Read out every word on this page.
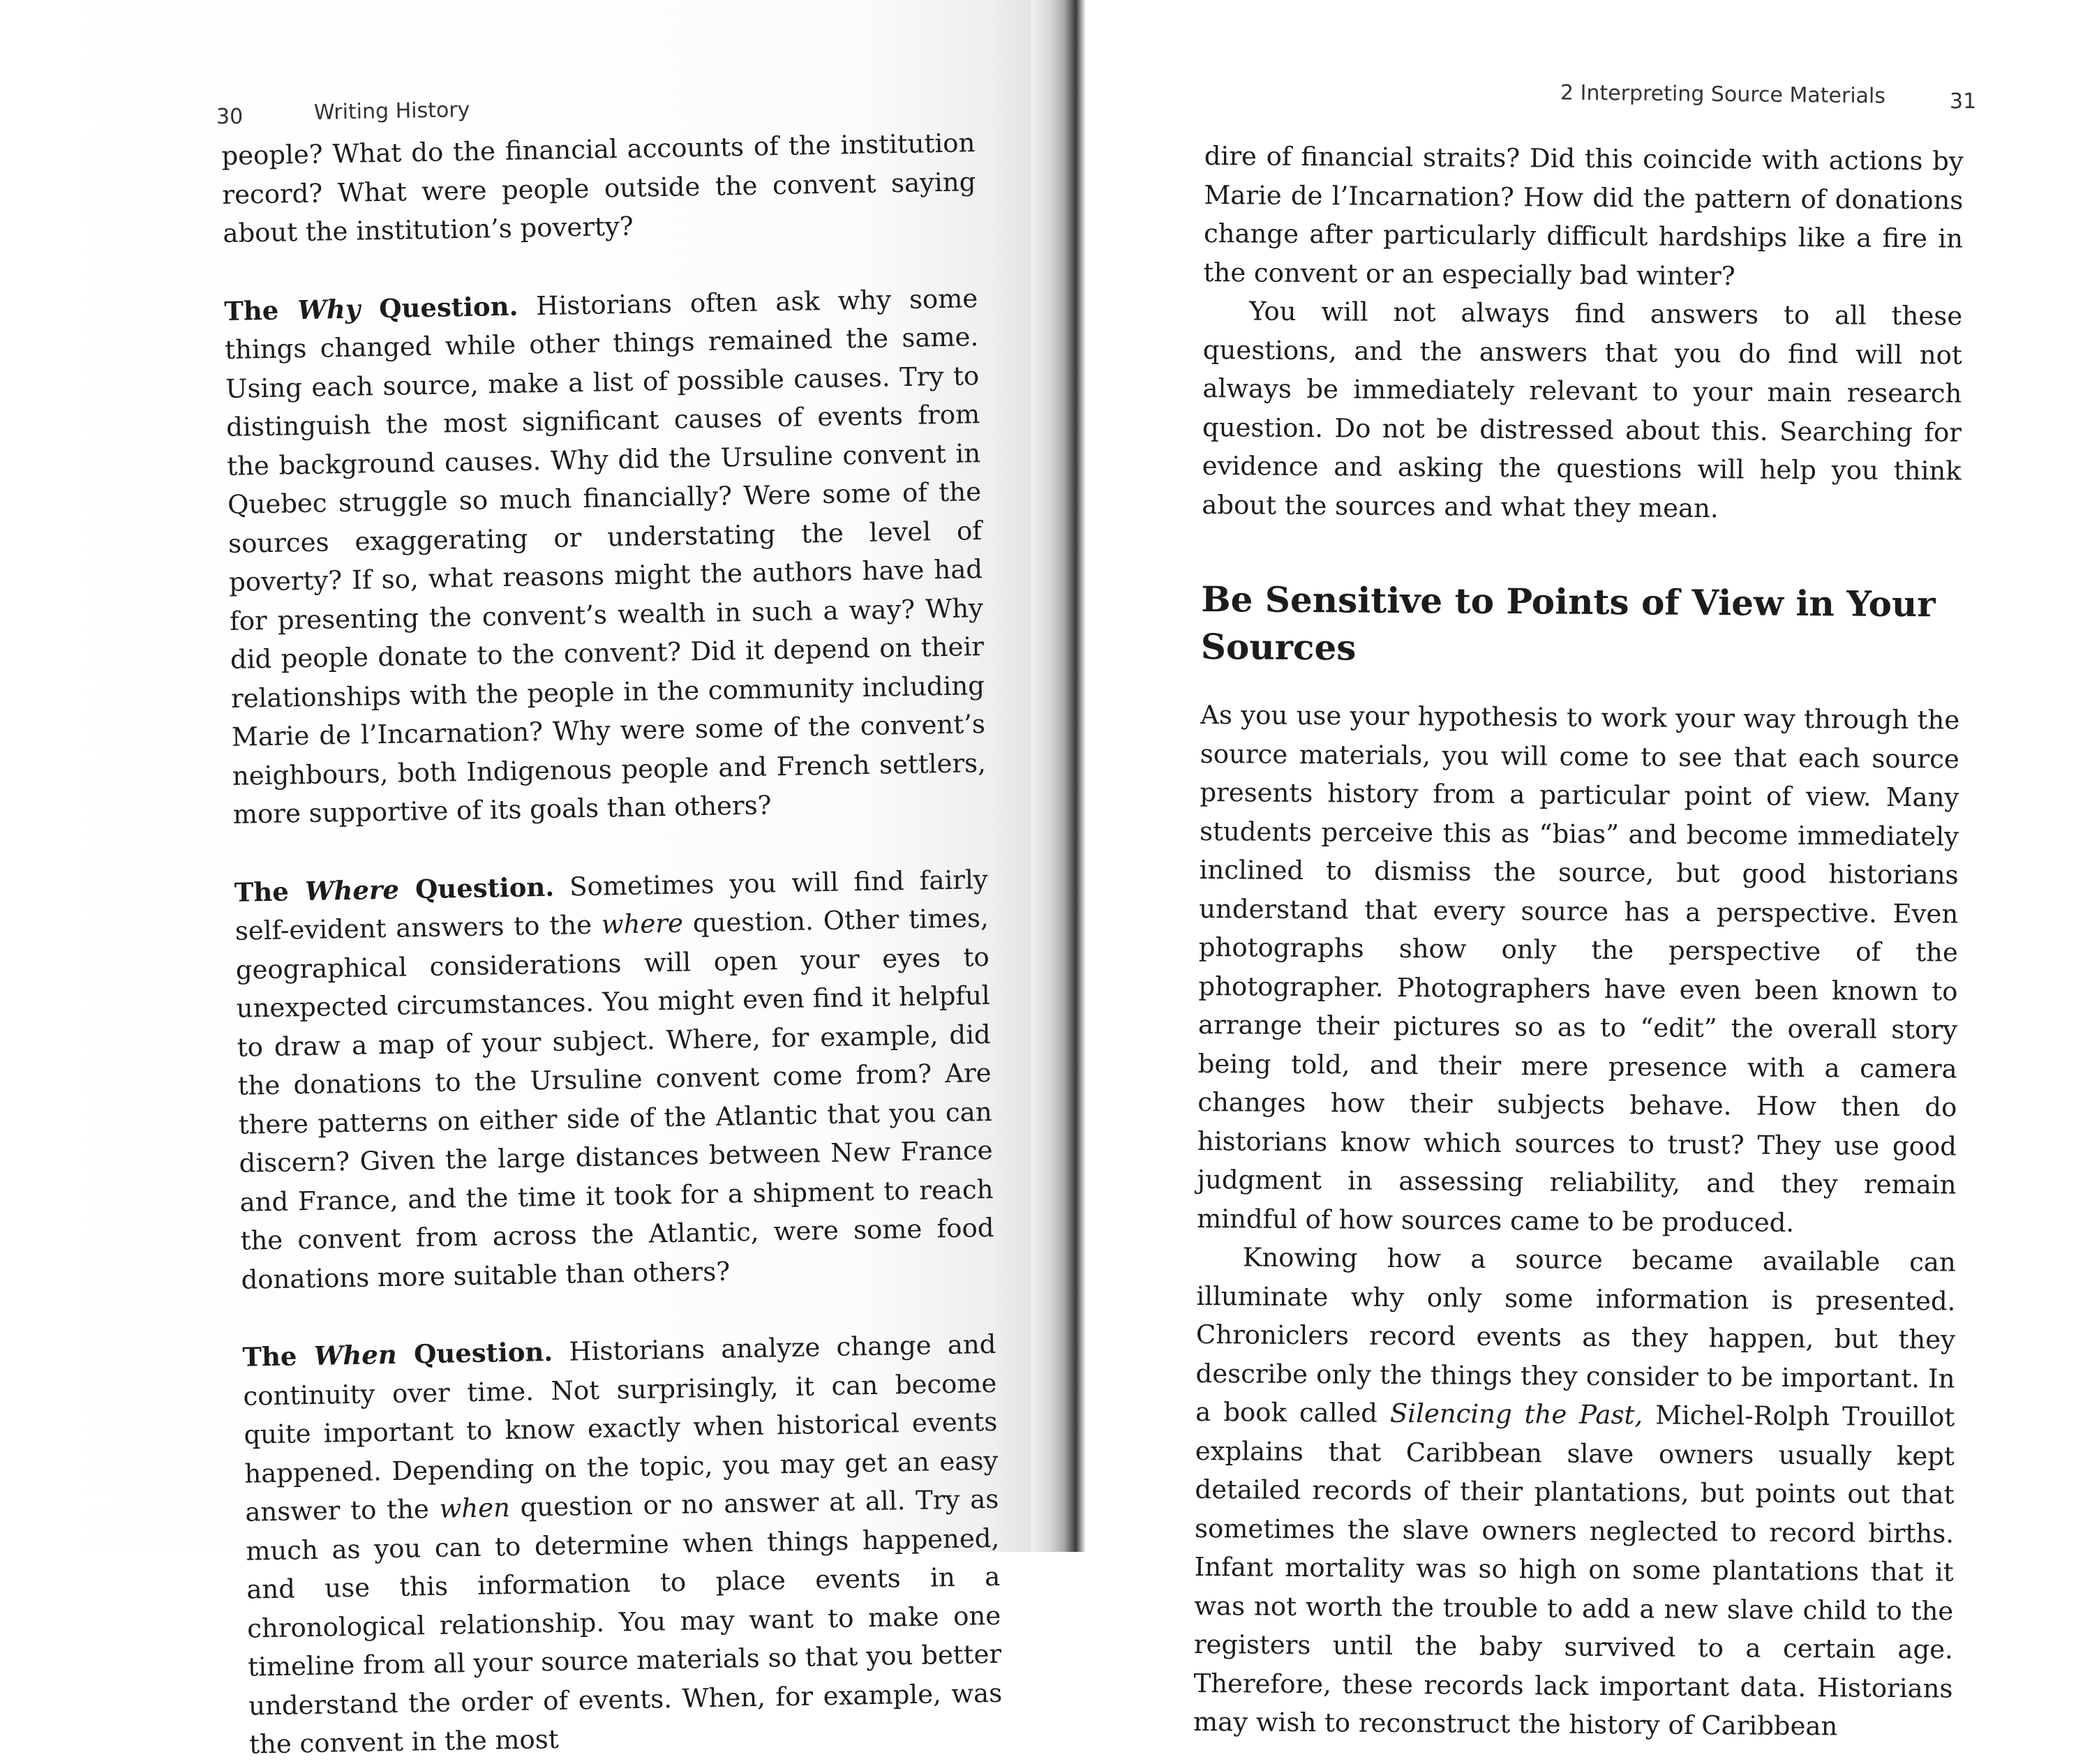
30	Writing History

people? What do the financial accounts of the institution record? What were people outside the convent saying about the institution’s poverty?

The Why Question. Historians often ask why some things changed while other things remained the same. Using each source, make a list of possible causes. Try to distinguish the most significant causes of events from the background causes. Why did the Ursuline convent in Quebec struggle so much financially? Were some of the sources exaggerating or understating the level of poverty? If so, what reasons might the authors have had for presenting the convent’s wealth in such a way? Why did people donate to the convent? Did it depend on their relationships with the people in the community including Marie de l’Incarnation? Why were some of the convent’s neighbours, both Indigenous people and French settlers, more supportive of its goals than others?

The Where Question. Sometimes you will find fairly self-evident answers to the where question. Other times, geographical considerations will open your eyes to unexpected circumstances. You might even find it helpful to draw a map of your subject. Where, for example, did the donations to the Ursuline convent come from? Are there patterns on either side of the Atlantic that you can discern? Given the large distances between New France and France, and the time it took for a shipment to reach the convent from across the Atlantic, were some food donations more suitable than others?

The When Question. Historians analyze change and continuity over time. Not surprisingly, it can become quite important to know exactly when historical events happened. Depending on the topic, you may get an easy answer to the when question or no answer at all. Try as much as you can to determine when things happened, and use this information to place events in a chronological relationship. You may want to make one timeline from all your source materials so that you better understand the order of events. When, for example, was the convent in the most

2 Interpreting Source Materials	31

dire of financial straits? Did this coincide with actions by Marie de l’Incarnation? How did the pattern of donations change after particularly difficult hardships like a fire in the convent or an especially bad winter?

You will not always find answers to all these questions, and the answers that you do find will not always be immediately relevant to your main research question. Do not be distressed about this. Searching for evidence and asking the questions will help you think about the sources and what they mean.

Be Sensitive to Points of View in Your Sources

As you use your hypothesis to work your way through the source materials, you will come to see that each source presents history from a particular point of view. Many students perceive this as “bias” and become immediately inclined to dismiss the source, but good historians understand that every source has a perspective. Even photographs show only the perspective of the photographer. Photographers have even been known to arrange their pictures so as to “edit” the overall story being told, and their mere presence with a camera changes how their subjects behave. How then do historians know which sources to trust? They use good judgment in assessing reliability, and they remain mindful of how sources came to be produced.

Knowing how a source became available can illuminate why only some information is presented. Chroniclers record events as they happen, but they describe only the things they consider to be important. In a book called Silencing the Past, Michel-Rolph Trouillot explains that Caribbean slave owners usually kept detailed records of their plantations, but points out that sometimes the slave owners neglected to record births. Infant mortality was so high on some plantations that it was not worth the trouble to add a new slave child to the registers until the baby survived to a certain age. Therefore, these records lack important data. Historians may wish to reconstruct the history of Caribbean
